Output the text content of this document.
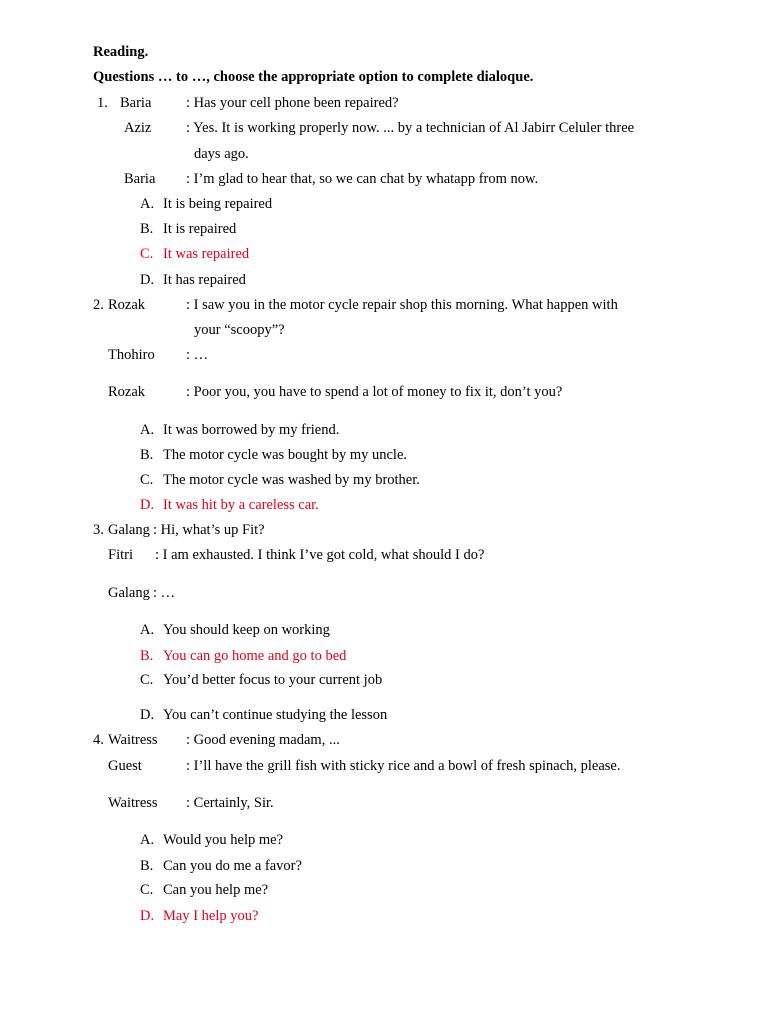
Reading.
Questions … to …, choose the appropriate option to complete dialoque.
1. Baria : Has your cell phone been repaired?
Aziz : Yes. It is working properly now. ... by a technician of Al Jabirr Celuler three
days ago.
Baria : I’m glad to hear that, so we can chat by whatapp from now.
A. It is being repaired
B. It is repaired
C. It was repaired
D. It has repaired
2. Rozak	: I saw you in the motor cycle repair shop this morning. What happen with
your “scoopy”?
Thohiro : …
Rozak	: Poor you, you have to spend a lot of money to fix it, don’t you?
A. It was borrowed by my friend.
B. The motor cycle was bought by my uncle.
C. The motor cycle was washed by my brother.
D. It was hit by a careless car.
3. Galang : Hi, what’s up Fit?
Fitri : I am exhausted. I think I’ve got cold, what should I do?
Galang : …
A. You should keep on working
B. You can go home and go to bed
C. You’d better focus to your current job
D. You can’t continue studying the lesson
4. Waitress : Good evening madam, ...
Guest	: I’ll have the grill fish with sticky rice and a bowl of fresh spinach, please.
Waitress : Certainly, Sir.
A. Would you help me?
B. Can you do me a favor?
C. Can you help me?
D. May I help you?
